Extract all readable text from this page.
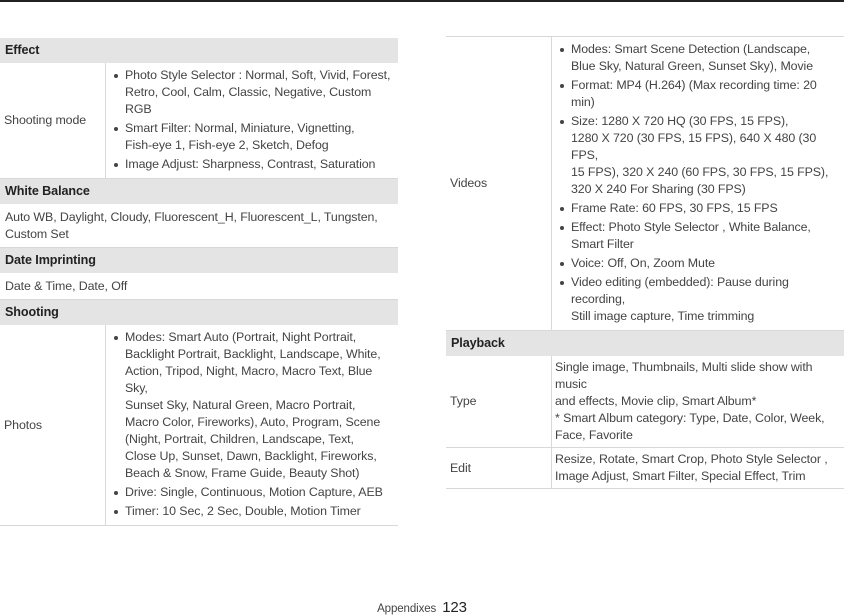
Effect
Shooting mode
Photo Style Selector : Normal, Soft, Vivid, Forest,
Retro, Cool, Calm, Classic, Negative, Custom RGB
Smart Filter: Normal, Miniature, Vignetting,
Fish-eye 1, Fish-eye 2, Sketch, Defog
Image Adjust: Sharpness, Contrast, Saturation
White Balance
Auto WB, Daylight, Cloudy, Fluorescent_H, Fluorescent_L, Tungsten,
Custom Set
Date Imprinting
Date & Time, Date, Off
Shooting
Photos
Modes: Smart Auto (Portrait, Night Portrait,
Backlight Portrait, Backlight, Landscape, White,
Action, Tripod, Night, Macro, Macro Text, Blue Sky,
Sunset Sky, Natural Green, Macro Portrait,
Macro Color, Fireworks), Auto, Program, Scene
(Night, Portrait, Children, Landscape, Text,
Close Up, Sunset, Dawn, Backlight, Fireworks,
Beach & Snow, Frame Guide, Beauty Shot)
Drive: Single, Continuous, Motion Capture, AEB
Timer: 10 Sec, 2 Sec, Double, Motion Timer
Videos
Modes: Smart Scene Detection (Landscape,
Blue Sky, Natural Green, Sunset Sky), Movie
Format: MP4 (H.264) (Max recording time: 20 min)
Size: 1280 X 720 HQ (30 FPS, 15 FPS),
1280 X 720 (30 FPS, 15 FPS), 640 X 480 (30 FPS,
15 FPS), 320 X 240 (60 FPS, 30 FPS, 15 FPS),
320 X 240 For Sharing (30 FPS)
Frame Rate: 60 FPS, 30 FPS, 15 FPS
Effect: Photo Style Selector , White Balance,
Smart Filter
Voice: Off, On, Zoom Mute
Video editing (embedded): Pause during recording,
Still image capture, Time trimming
Playback
Type
Single image, Thumbnails, Multi slide show with music
and effects, Movie clip, Smart Album*
* Smart Album category: Type, Date, Color, Week,
Face, Favorite
Edit
Resize, Rotate, Smart Crop, Photo Style Selector ,
Image Adjust, Smart Filter, Special Effect, Trim
Appendixes 123
